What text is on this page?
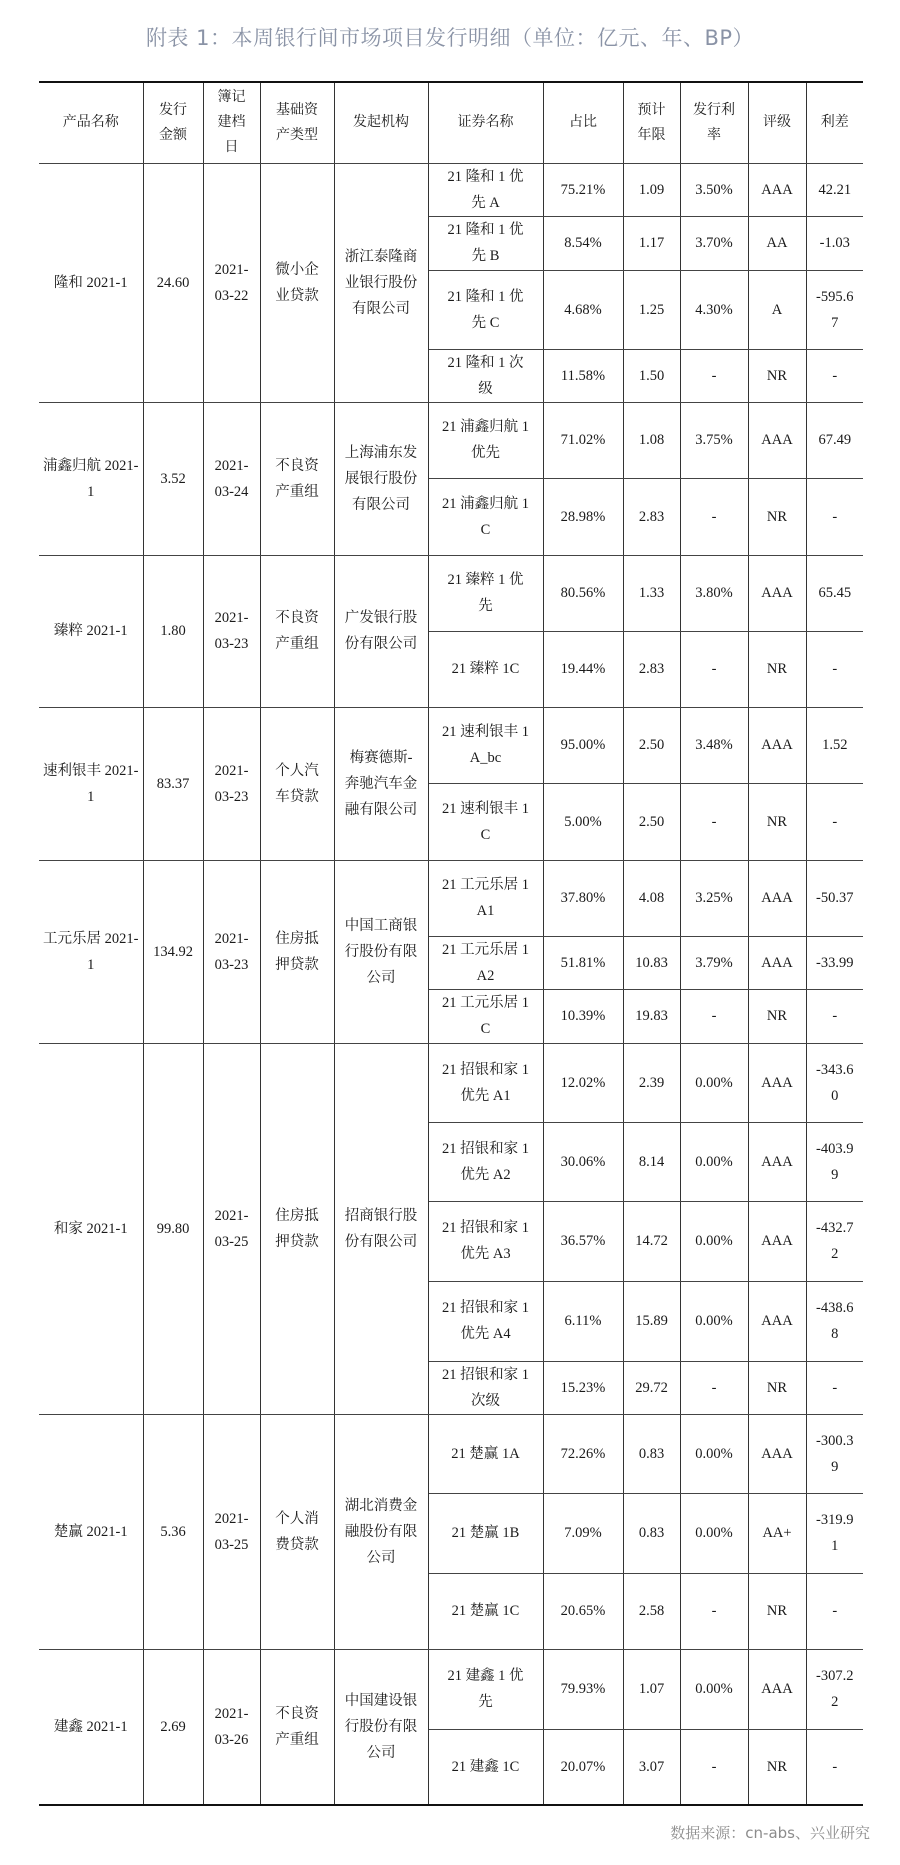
附表 1：本周银行间市场项目发行明细（单位：亿元、年、BP）
产品名称	发行金额	簿记建档日	基础资产类型	发起机构	证券名称	占比	预计年限	发行利率	评级	利差
隆和 2021-1	24.60	2021-03-22	微小企业贷款	浙江泰隆商业银行股份有限公司	21 隆和 1 优先 A	75.21%	1.09	3.50%	AAA	42.21
					21 隆和 1 优先 B	8.54%	1.17	3.70%	AA	-1.03
					21 隆和 1 优先 C	4.68%	1.25	4.30%	A	-595.67
					21 隆和 1 次级	11.58%	1.50	-	NR	-
浦鑫归航 2021-1	3.52	2021-03-24	不良资产重组	上海浦东发展银行股份有限公司	21 浦鑫归航 1 优先	71.02%	1.08	3.75%	AAA	67.49
					21 浦鑫归航 1C	28.98%	2.83	-	NR	-
臻粹 2021-1	1.80	2021-03-23	不良资产重组	广发银行股份有限公司	21 臻粹 1 优先	80.56%	1.33	3.80%	AAA	65.45
					21 臻粹 1C	19.44%	2.83	-	NR	-
速利银丰 2021-1	83.37	2021-03-23	个人汽车贷款	梅赛德斯-奔驰汽车金融有限公司	21 速利银丰 1A_bc	95.00%	2.50	3.48%	AAA	1.52
					21 速利银丰 1C	5.00%	2.50	-	NR	-
工元乐居 2021-1	134.92	2021-03-23	住房抵押贷款	中国工商银行股份有限公司	21 工元乐居 1A1	37.80%	4.08	3.25%	AAA	-50.37
					21 工元乐居 1A2	51.81%	10.83	3.79%	AAA	-33.99
					21 工元乐居 1C	10.39%	19.83	-	NR	-
和家 2021-1	99.80	2021-03-25	住房抵押贷款	招商银行股份有限公司	21 招银和家 1 优先 A1	12.02%	2.39	0.00%	AAA	-343.60
					21 招银和家 1 优先 A2	30.06%	8.14	0.00%	AAA	-403.99
					21 招银和家 1 优先 A3	36.57%	14.72	0.00%	AAA	-432.72
					21 招银和家 1 优先 A4	6.11%	15.89	0.00%	AAA	-438.68
					21 招银和家 1 次级	15.23%	29.72	-	NR	-
楚赢 2021-1	5.36	2021-03-25	个人消费贷款	湖北消费金融股份有限公司	21 楚赢 1A	72.26%	0.83	0.00%	AAA	-300.39
					21 楚赢 1B	7.09%	0.83	0.00%	AA+	-319.91
					21 楚赢 1C	20.65%	2.58	-	NR	-
建鑫 2021-1	2.69	2021-03-26	不良资产重组	中国建设银行股份有限公司	21 建鑫 1 优先	79.93%	1.07	0.00%	AAA	-307.22
					21 建鑫 1C	20.07%	3.07	-	NR	-
数据来源：cn-abs、兴业研究
